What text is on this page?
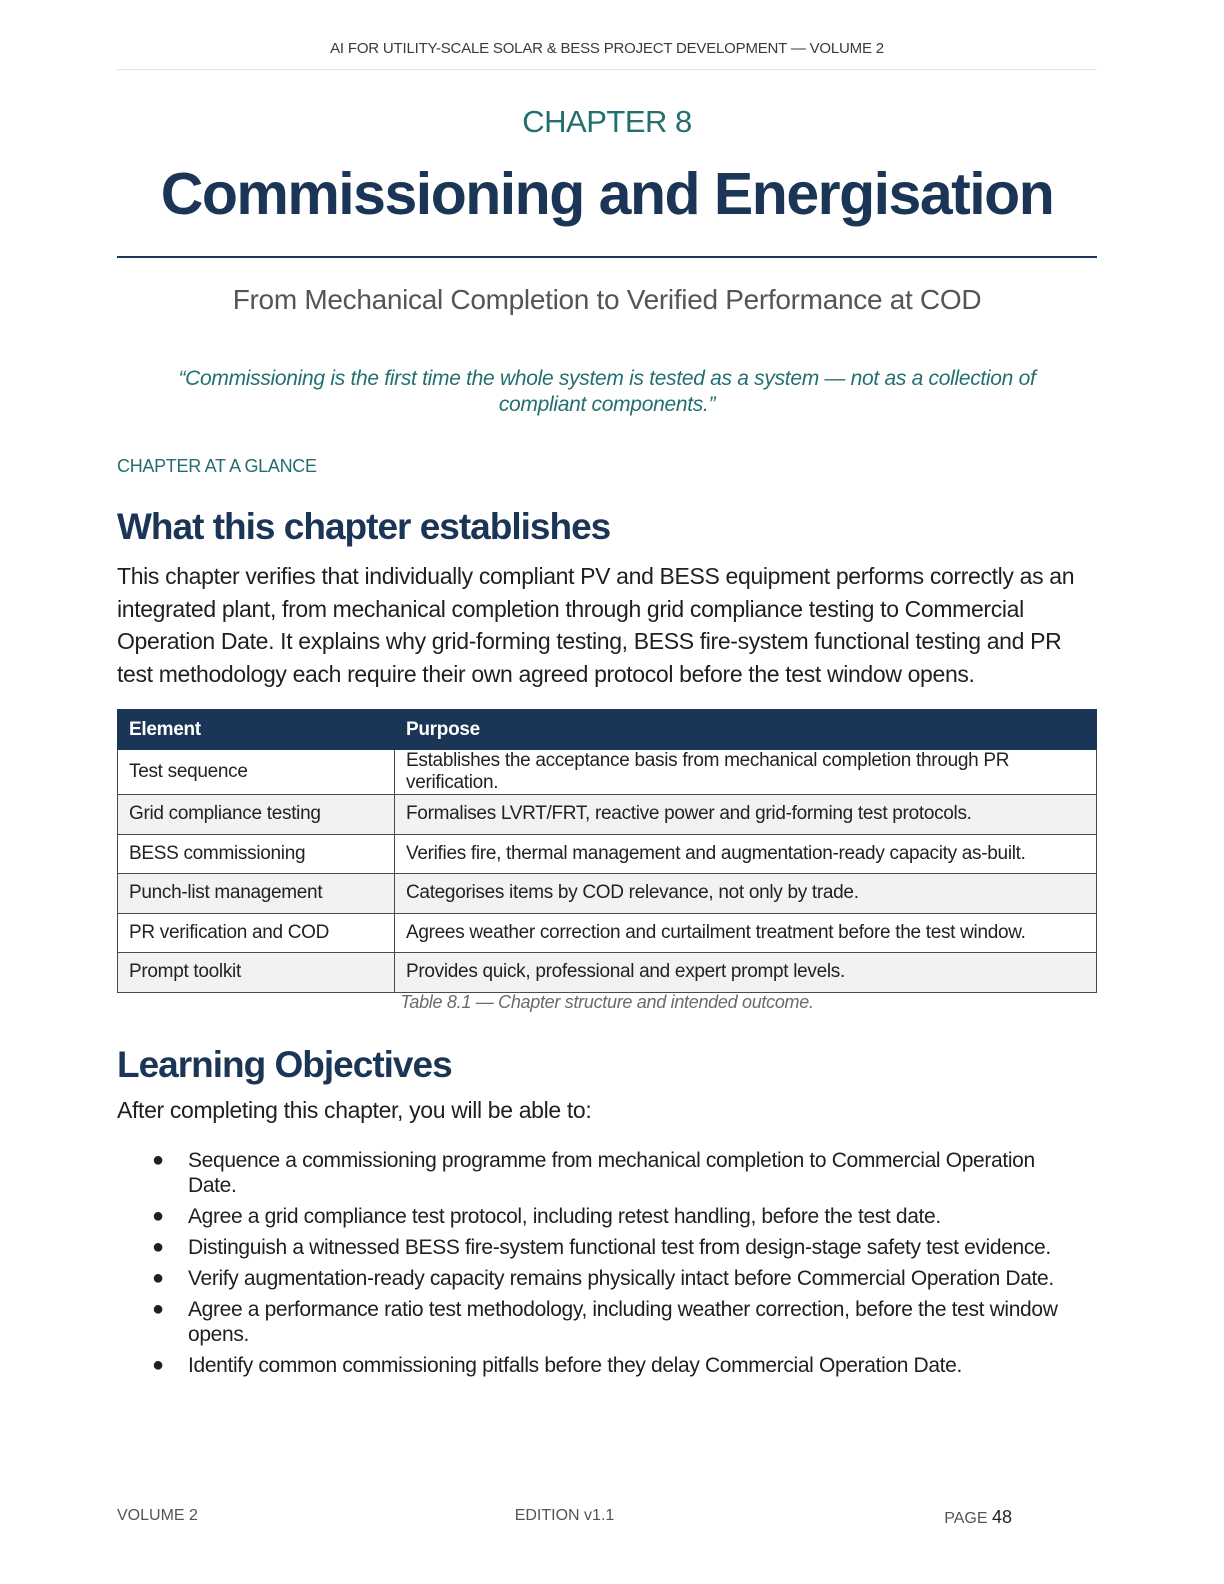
AI FOR UTILITY-SCALE SOLAR & BESS PROJECT DEVELOPMENT — VOLUME 2
CHAPTER 8
Commissioning and Energisation
From Mechanical Completion to Verified Performance at COD
“Commissioning is the first time the whole system is tested as a system — not as a collection of compliant components.”
CHAPTER AT A GLANCE
What this chapter establishes

This chapter verifies that individually compliant PV and BESS equipment performs correctly as an integrated plant, from mechanical completion through grid compliance testing to Commercial Operation Date. It explains why grid-forming testing, BESS fire-system functional testing and PR test methodology each require their own agreed protocol before the test window opens.

Element	Purpose
Test sequence	Establishes the acceptance basis from mechanical completion through PR verification.
Grid compliance testing	Formalises LVRT/FRT, reactive power and grid-forming test protocols.
BESS commissioning	Verifies fire, thermal management and augmentation-ready capacity as-built.
Punch-list management	Categorises items by COD relevance, not only by trade.
PR verification and COD	Agrees weather correction and curtailment treatment before the test window.
Prompt toolkit	Provides quick, professional and expert prompt levels.
Table 8.1 — Chapter structure and intended outcome.
Learning Objectives

After completing this chapter, you will be able to:

● Sequence a commissioning programme from mechanical completion to Commercial Operation Date.
● Agree a grid compliance test protocol, including retest handling, before the test date.
● Distinguish a witnessed BESS fire-system functional test from design-stage safety test evidence.
● Verify augmentation-ready capacity remains physically intact before Commercial Operation Date.
● Agree a performance ratio test methodology, including weather correction, before the test window opens.
● Identify common commissioning pitfalls before they delay Commercial Operation Date.
VOLUME 2	EDITION v1.1	PAGE 48
